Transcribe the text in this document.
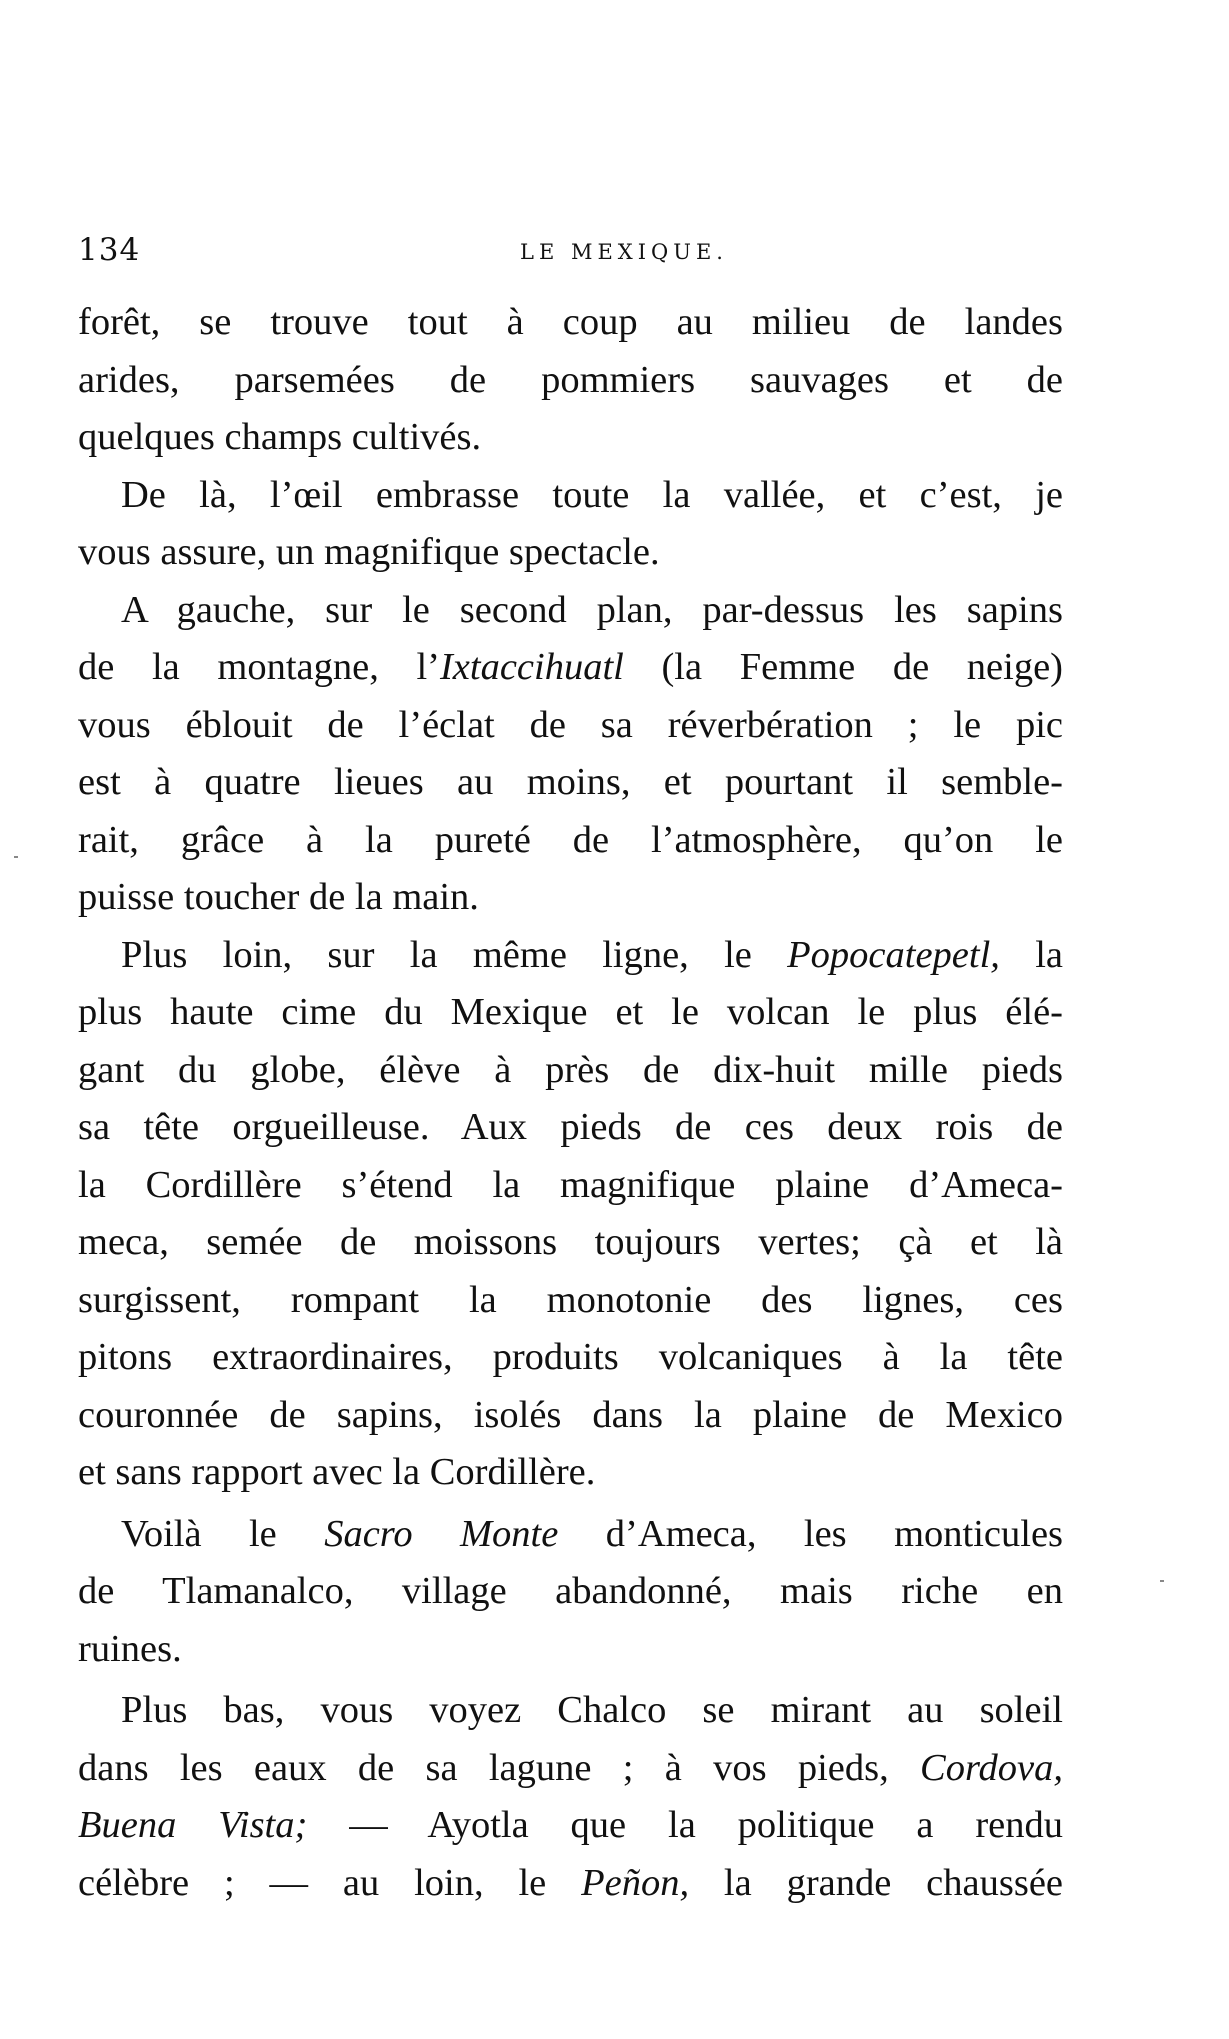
134	LE MEXIQUE.
forêt, se trouve tout à coup au milieu de landes
arides, parsemées de pommiers sauvages et de
quelques champs cultivés.
De là, l’œil embrasse toute la vallée, et c’est, je
vous assure, un magnifique spectacle.
A gauche, sur le second plan, par-dessus les sapins
de la montagne, l’Ixtaccihuatl (la Femme de neige)
vous éblouit de l’éclat de sa réverbération ; le pic
est à quatre lieues au moins, et pourtant il semble-
rait, grâce à la pureté de l’atmosphère, qu’on le
puisse toucher de la main.
Plus loin, sur la même ligne, le Popocatepetl, la
plus haute cime du Mexique et le volcan le plus élé-
gant du globe, élève à près de dix-huit mille pieds
sa tête orgueilleuse. Aux pieds de ces deux rois de
la Cordillère s’étend la magnifique plaine d’Ameca-
meca, semée de moissons toujours vertes; çà et là
surgissent, rompant la monotonie des lignes, ces
pitons extraordinaires, produits volcaniques à la tête
couronnée de sapins, isolés dans la plaine de Mexico
et sans rapport avec la Cordillère.
Voilà le Sacro Monte d’Ameca, les monticules
de Tlamanalco, village abandonné, mais riche en
ruines.
Plus bas, vous voyez Chalco se mirant au soleil
dans les eaux de sa lagune ; à vos pieds, Cordova,
Buena Vista; — Ayotla que la politique a rendu
célèbre ; — au loin, le Peñon, la grande chaussée
